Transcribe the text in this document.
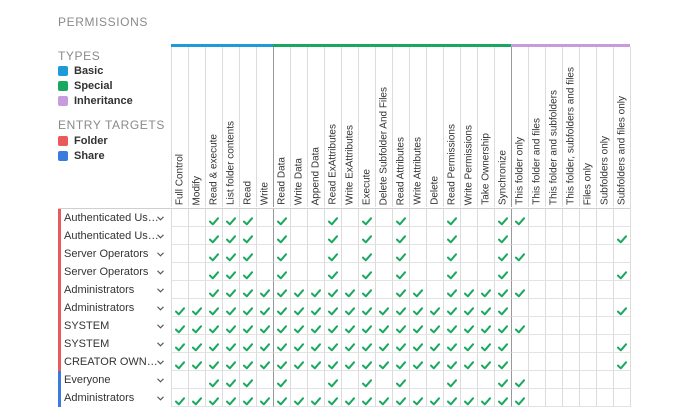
PERMISSIONS
TYPES
Basic
Special
Inheritance
ENTRY TARGETS
Folder
Share	Full Control Modify Read & execute List folder contents Read Write Read Data Write Data Append Data Read ExAttributes Write ExAttributes Execute Delete Subfolder And Files Read Attributes Write Attributes Delete Read Permissions Write Permissions Take Ownership Synchronize This folder only This folder and files This folder and subfolders This folder, subfolders and files Files only Subfolders only Subfolders and files only
Authenticated Us…
Authenticated Us…
Server Operators
Server Operators
Administrators
Administrators
SYSTEM
SYSTEM
CREATOR OWN…
Everyone
Administrators
